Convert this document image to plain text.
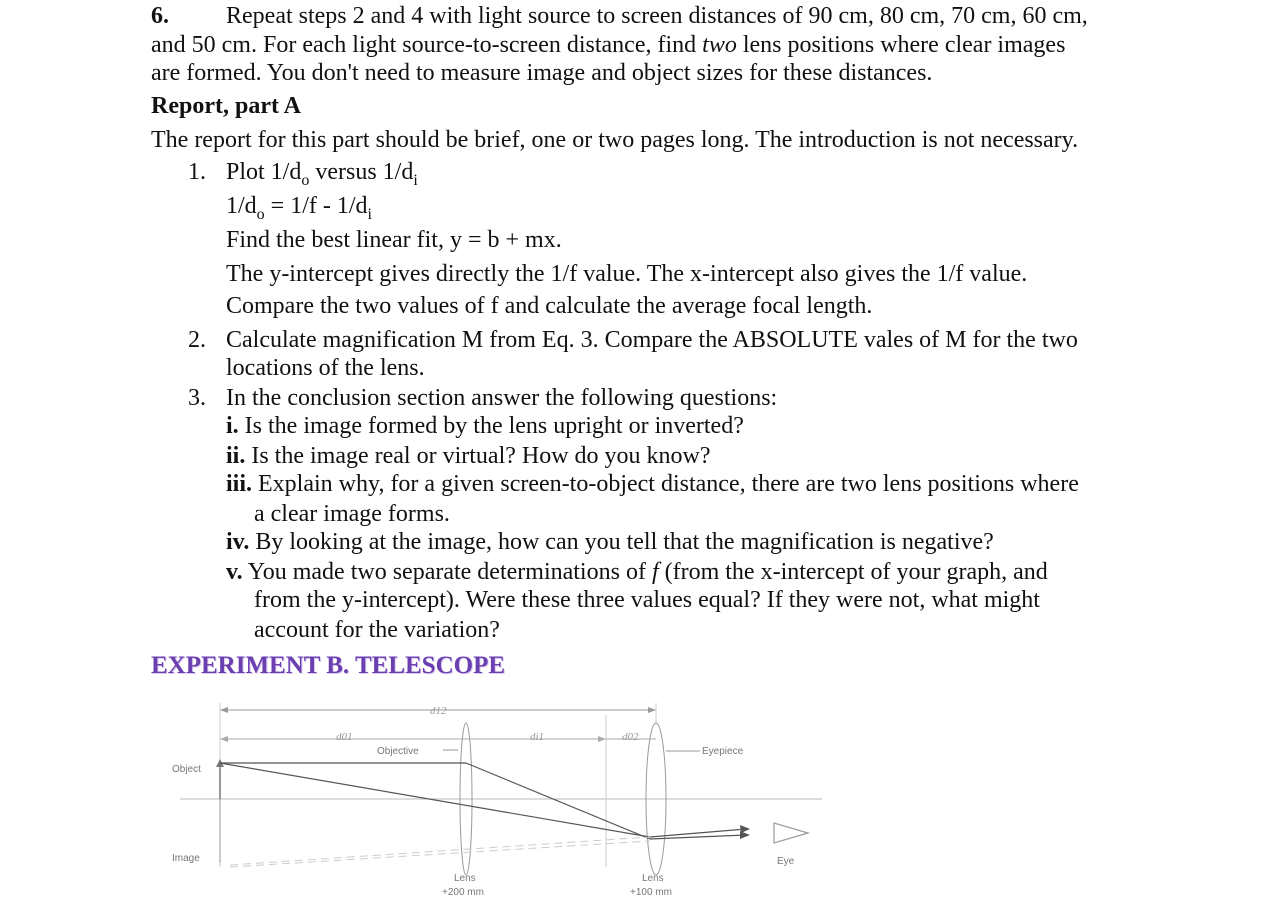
6. Repeat steps 2 and 4 with light source to screen distances of 90 cm, 80 cm, 70 cm, 60 cm,
and 50 cm. For each light source-to-screen distance, find two lens positions where clear images
are formed. You don't need to measure image and object sizes for these distances.
Report, part A
The report for this part should be brief, one or two pages long. The introduction is not necessary.
1. Plot $1/d_o$ versus $1/d_i$
$1/d_o = 1/f - 1/d_i$
Find the best linear fit, y = b + mx.
The y-intercept gives directly the 1/f value. The x-intercept also gives the 1/f value.
Compare the two values of f and calculate the average focal length.
2. Calculate magnification M from Eq. 3. Compare the ABSOLUTE vales of M for the two
locations of the lens.
3. In the conclusion section answer the following questions:
i. Is the image formed by the lens upright or inverted?
ii. Is the image real or virtual? How do you know?
iii. Explain why, for a given screen-to-object distance, there are two lens positions where
a clear image forms.
iv. By looking at the image, how can you tell that the magnification is negative?
v. You made two separate determinations of f (from the x-intercept of your graph, and
from the y-intercept). Were these three values equal? If they were not, what might
account for the variation?
EXPERIMENT B. TELESCOPE
d12
d01	di1	d02
Object
Image
Objective
Lens
+200 mm
Eyepiece
Lens
+100 mm
Eye
